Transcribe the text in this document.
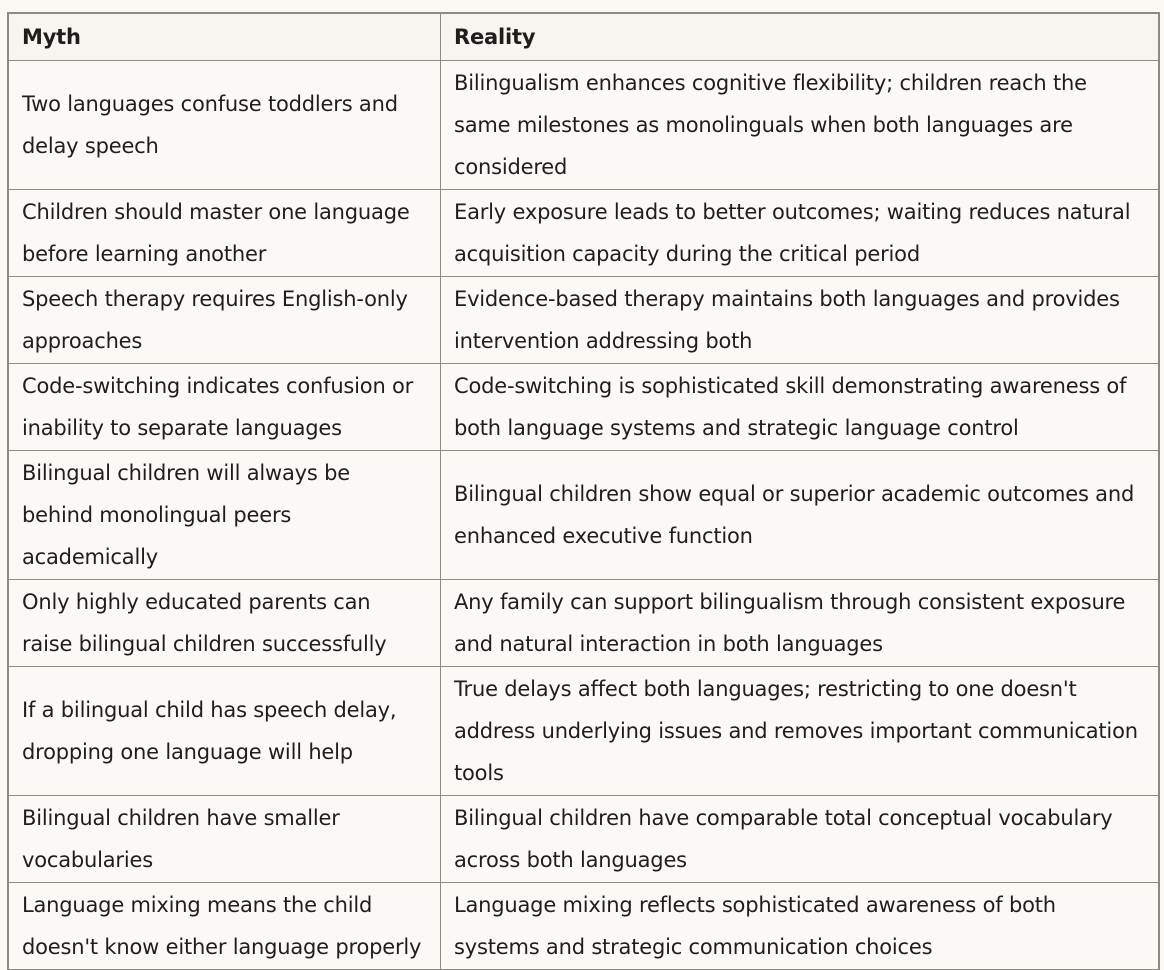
Myth	Reality
Two languages confuse toddlers and delay speech	Bilingualism enhances cognitive flexibility; children reach the same milestones as monolinguals when both languages are considered
Children should master one language before learning another	Early exposure leads to better outcomes; waiting reduces natural acquisition capacity during the critical period
Speech therapy requires English-only approaches	Evidence-based therapy maintains both languages and provides intervention addressing both
Code-switching indicates confusion or inability to separate languages	Code-switching is sophisticated skill demonstrating awareness of both language systems and strategic language control
Bilingual children will always be behind monolingual peers academically	Bilingual children show equal or superior academic outcomes and enhanced executive function
Only highly educated parents can raise bilingual children successfully	Any family can support bilingualism through consistent exposure and natural interaction in both languages
If a bilingual child has speech delay, dropping one language will help	True delays affect both languages; restricting to one doesn't address underlying issues and removes important communication tools
Bilingual children have smaller vocabularies	Bilingual children have comparable total conceptual vocabulary across both languages
Language mixing means the child doesn't know either language properly	Language mixing reflects sophisticated awareness of both systems and strategic communication choices
